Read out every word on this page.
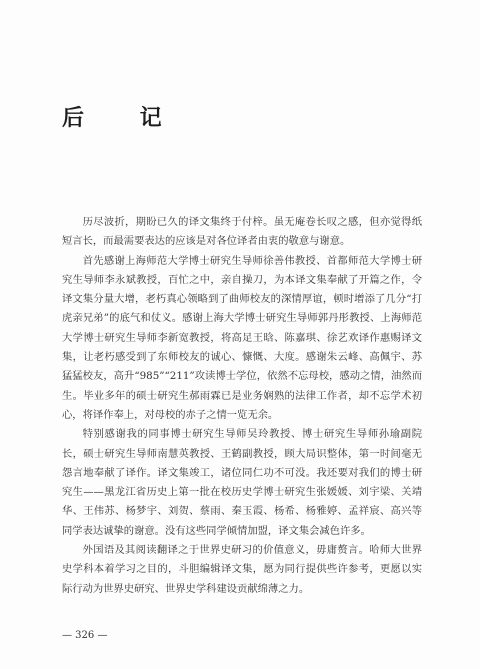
后 记

历尽波折，期盼已久的译文集终于付梓。虽无庵卷长叹之感，但亦觉得纸短言长，而最需要表达的应该是对各位译者由衷的敬意与谢意。

首先感谢上海师范大学博士研究生导师徐善伟教授、首都师范大学博士研究生导师李永斌教授，百忙之中，亲自操刀，为本译文集奉献了开篇之作，令译文集分量大增，老朽真心领略到了曲师校友的深情厚谊，顿时增添了几分“打虎亲兄弟”的底气和仗义。感谢上海大学博士研究生导师郭丹彤教授、上海师范大学博士研究生导师李新宽教授，将高足王晗、陈嘉琪、徐艺欢译作惠赐译文集，让老朽感受到了东师校友的诚心、慷慨、大度。感谢朱云峰、高佩宇、苏猛猛校友，高升“985”“211”攻读博士学位，依然不忘母校，感动之情，油然而生。毕业多年的硕士研究生郝雨霖已是业务娴熟的法律工作者，却不忘学术初心，将译作奉上，对母校的赤子之情一览无余。

特别感谢我的同事博士研究生导师吴玲教授、博士研究生导师孙瑜副院长，硕士研究生导师南慧英教授、王鹤副教授，顾大局识整体，第一时间毫无怨言地奉献了译作。译文集竣工，诸位同仁功不可没。我还要对我们的博士研究生——黑龙江省历史上第一批在校历史学博士研究生张媛媛、刘宇梁、关靖华、王伟苏、杨梦宇、刘贺、蔡雨、秦玉霞、杨希、杨雅婷、孟祥宸、高兴等同学表达诚挚的谢意。没有这些同学倾情加盟，译文集会减色许多。

外国语及其阅读翻译之于世界史研习的价值意义，毋庸赘言。哈师大世界史学科本着学习之目的，斗胆编辑译文集，愿为同行提供些许参考，更愿以实际行动为世界史研究、世界史学科建设贡献绵薄之力。

— 326 —
